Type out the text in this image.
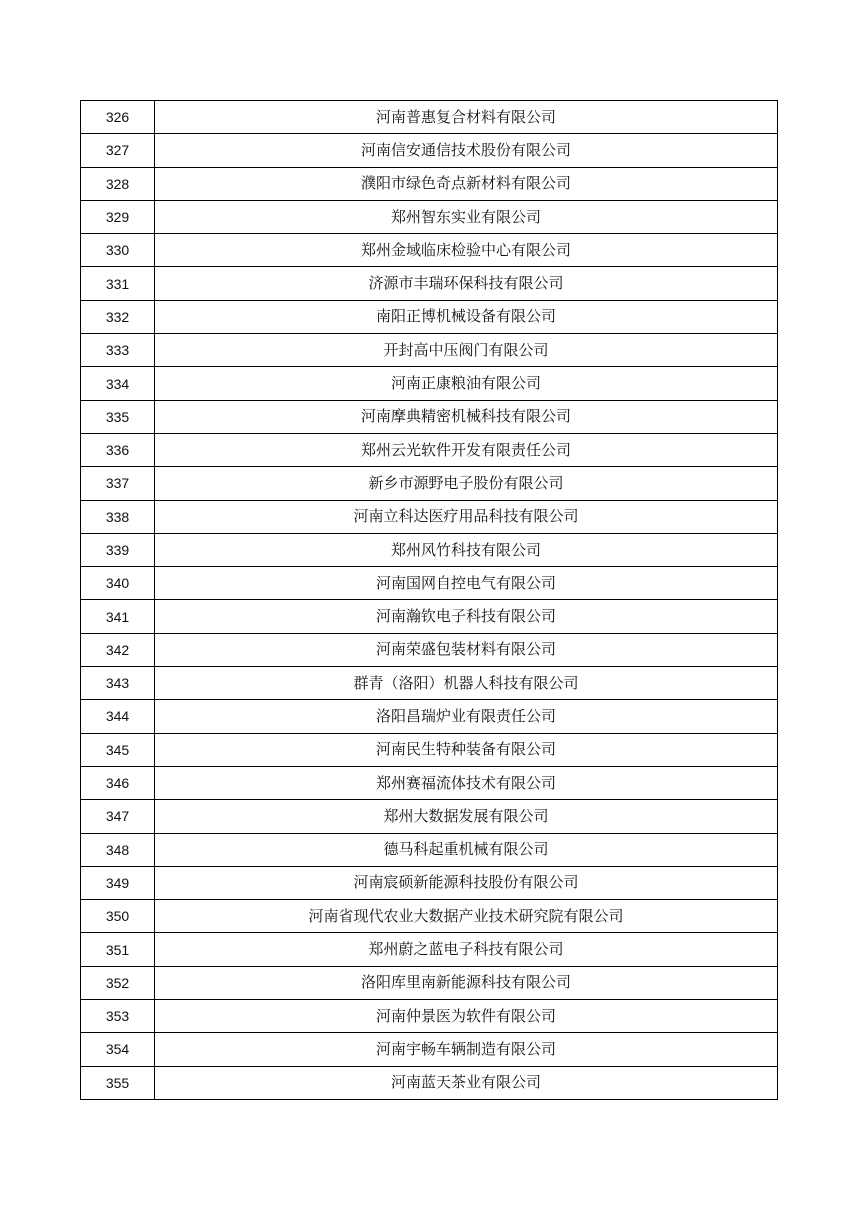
326	河南普惠复合材料有限公司
327	河南信安通信技术股份有限公司
328	濮阳市绿色奇点新材料有限公司
329	郑州智东实业有限公司
330	郑州金域临床检验中心有限公司
331	济源市丰瑞环保科技有限公司
332	南阳正博机械设备有限公司
333	开封高中压阀门有限公司
334	河南正康粮油有限公司
335	河南摩典精密机械科技有限公司
336	郑州云光软件开发有限责任公司
337	新乡市源野电子股份有限公司
338	河南立科达医疗用品科技有限公司
339	郑州风竹科技有限公司
340	河南国网自控电气有限公司
341	河南瀚钦电子科技有限公司
342	河南荣盛包装材料有限公司
343	群青（洛阳）机器人科技有限公司
344	洛阳昌瑞炉业有限责任公司
345	河南民生特种装备有限公司
346	郑州赛福流体技术有限公司
347	郑州大数据发展有限公司
348	德马科起重机械有限公司
349	河南宸硕新能源科技股份有限公司
350	河南省现代农业大数据产业技术研究院有限公司
351	郑州蔚之蓝电子科技有限公司
352	洛阳库里南新能源科技有限公司
353	河南仲景医为软件有限公司
354	河南宇畅车辆制造有限公司
355	河南蓝天茶业有限公司
